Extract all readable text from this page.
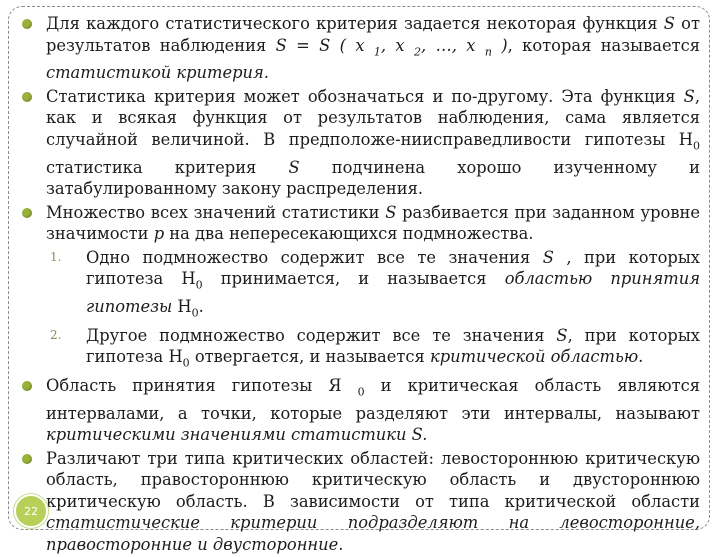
Для каждого статистического критерия задается некоторая функция S от результатов наблюдения S = S ( x $_1$, x $_2$, …, x $_n$ ), которая называется статистикой критерия.
Статистика критерия может обозначаться и по-другому. Эта функция S, как и всякая функция от результатов наблюдения, сама является случайной величиной. В предположе-ниисправедливости гипотезы $H_0$ статистика критерия S подчинена хорошо изученному и затабулированному закону распределения.
Множество всех значений статистики S разбивается при заданном уровне значимости p на два непересекающихся подмножества.
1. Одно подмножество содержит все те значения S , при которых гипотеза $H_0$ принимается, и называется областью принятия гипотезы $H_0$.
2. Другое подмножество содержит все те значения S, при которых гипотеза $H_0$ отвергается, и называется критической областью.
Область принятия гипотезы Я $_0$ и критическая область являются интервалами, а точки, которые разделяют эти интервалы, называют критическими значениями статистики S.
Различают три типа критических областей: левостороннюю критическую область, правостороннюю критическую область и двустороннюю критическую область. В зависимости от типа критической области статистические критерии подразделяют на левосторонние, правосторонние и двусторонние.
22
